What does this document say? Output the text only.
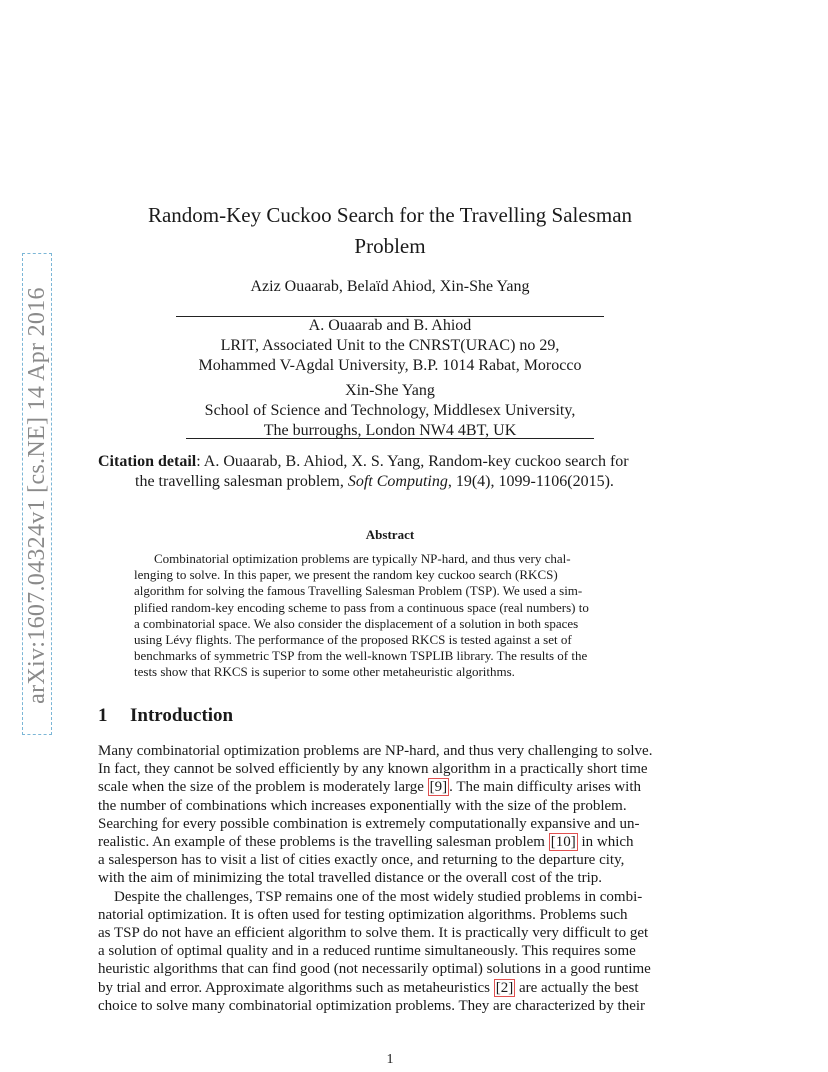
arXiv:1607.04324v1 [cs.NE] 14 Apr 2016
Random-Key Cuckoo Search for the Travelling Salesman
Problem
Aziz Ouaarab, Belaïd Ahiod, Xin-She Yang
A. Ouaarab and B. Ahiod
LRIT, Associated Unit to the CNRST(URAC) no 29,
Mohammed V-Agdal University, B.P. 1014 Rabat, Morocco
Xin-She Yang
School of Science and Technology, Middlesex University,
The burroughs, London NW4 4BT, UK
Citation detail: A. Ouaarab, B. Ahiod, X. S. Yang, Random-key cuckoo search for
the travelling salesman problem, Soft Computing, 19(4), 1099-1106(2015).
Abstract
Combinatorial optimization problems are typically NP-hard, and thus very chal-
lenging to solve. In this paper, we present the random key cuckoo search (RKCS)
algorithm for solving the famous Travelling Salesman Problem (TSP). We used a sim-
plified random-key encoding scheme to pass from a continuous space (real numbers) to
a combinatorial space. We also consider the displacement of a solution in both spaces
using Lévy flights. The performance of the proposed RKCS is tested against a set of
benchmarks of symmetric TSP from the well-known TSPLIB library. The results of the
tests show that RKCS is superior to some other metaheuristic algorithms.
1 Introduction
Many combinatorial optimization problems are NP-hard, and thus very challenging to solve.
In fact, they cannot be solved efficiently by any known algorithm in a practically short time
scale when the size of the problem is moderately large [9] . The main difficulty arises with
the number of combinations which increases exponentially with the size of the problem.
Searching for every possible combination is extremely computationally expansive and un-
realistic. An example of these problems is the travelling salesman problem [10] in which
a salesperson has to visit a list of cities exactly once, and returning to the departure city,
with the aim of minimizing the total travelled distance or the overall cost of the trip.
Despite the challenges, TSP remains one of the most widely studied problems in combi-
natorial optimization. It is often used for testing optimization algorithms. Problems such
as TSP do not have an efficient algorithm to solve them. It is practically very difficult to get
a solution of optimal quality and in a reduced runtime simultaneously. This requires some
heuristic algorithms that can find good (not necessarily optimal) solutions in a good runtime
by trial and error. Approximate algorithms such as metaheuristics [2] are actually the best
choice to solve many combinatorial optimization problems. They are characterized by their
1
